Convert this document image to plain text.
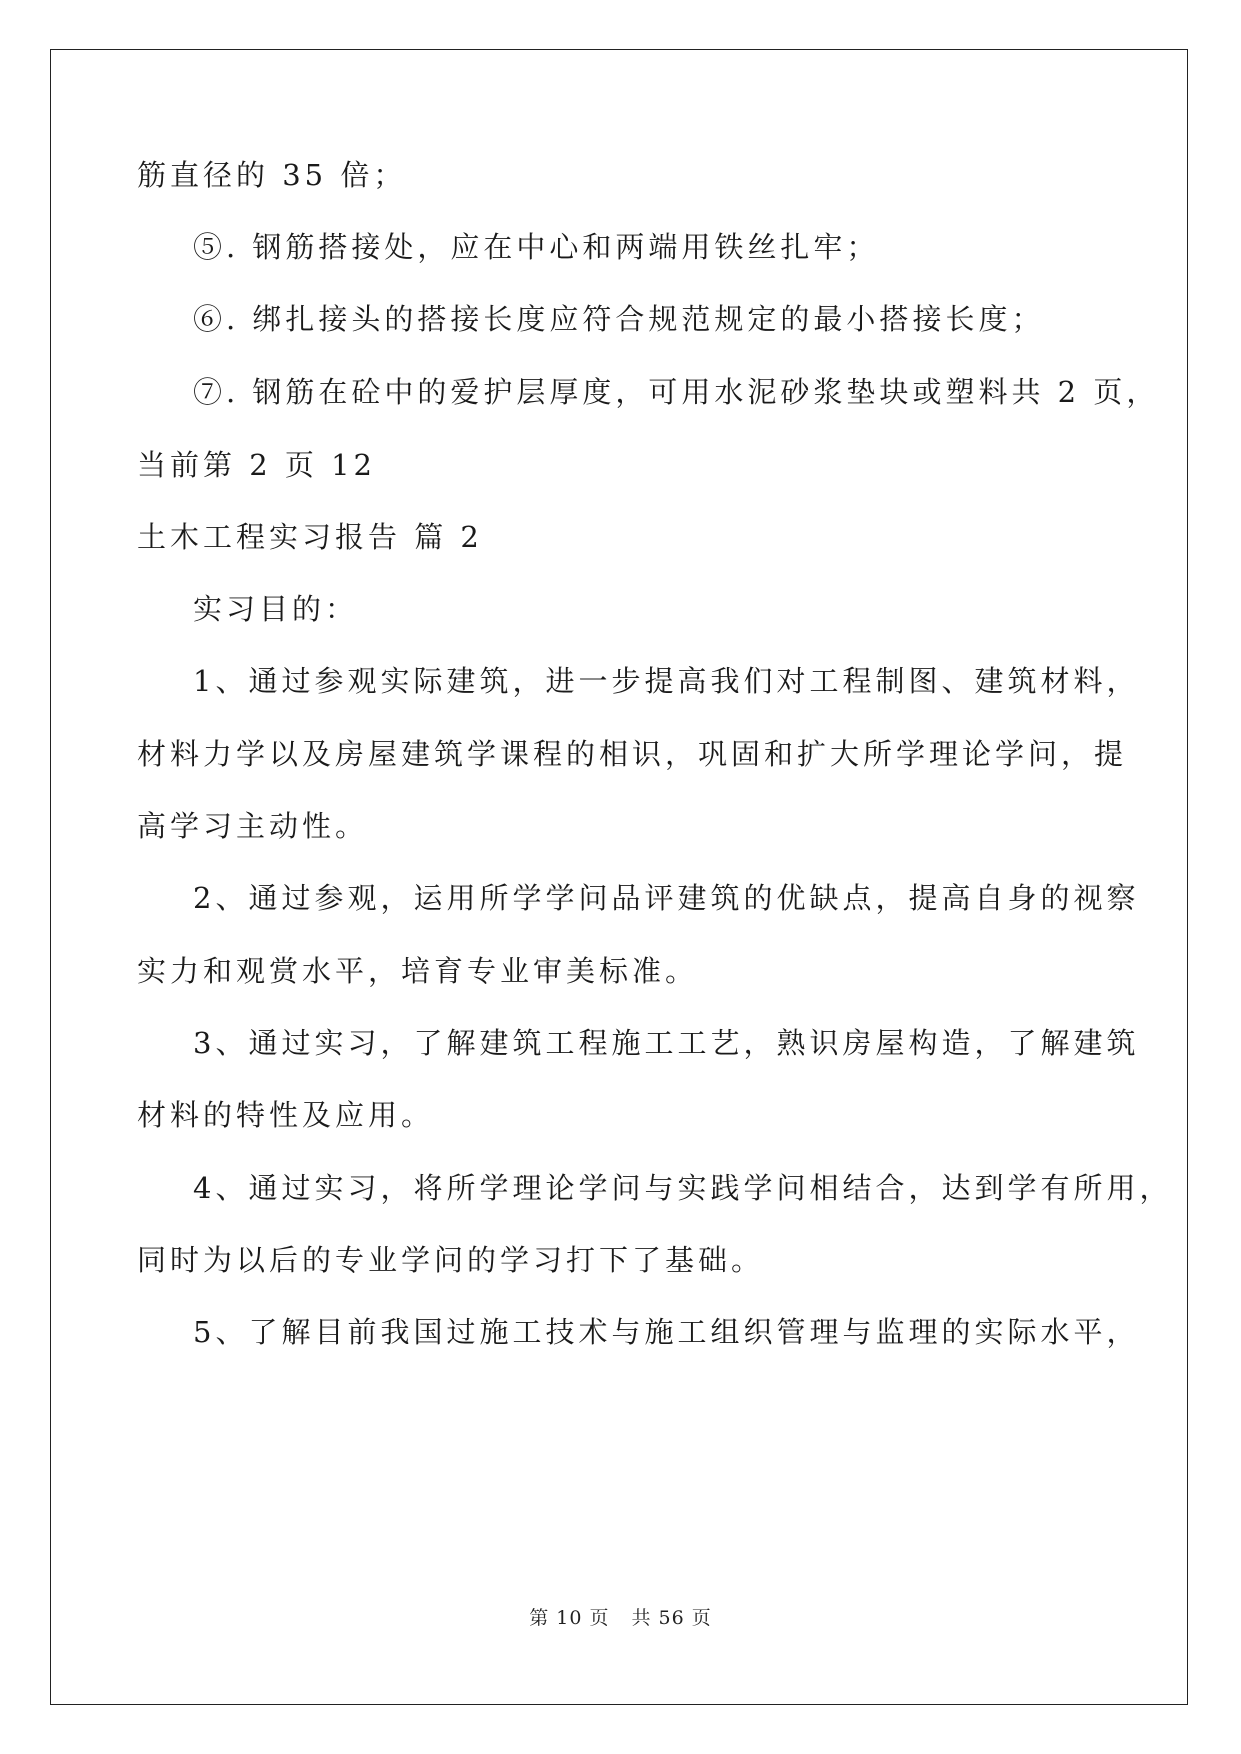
筋直径的 35 倍；
⑤. 钢筋搭接处，应在中心和两端用铁丝扎牢；
⑥. 绑扎接头的搭接长度应符合规范规定的最小搭接长度；
⑦. 钢筋在砼中的爱护层厚度，可用水泥砂浆垫块或塑料共 2 页，
当前第 2 页 12
土木工程实习报告 篇 2
实习目的：
1、通过参观实际建筑，进一步提高我们对工程制图、建筑材料，
材料力学以及房屋建筑学课程的相识，巩固和扩大所学理论学问，提
高学习主动性。
2、通过参观，运用所学学问品评建筑的优缺点，提高自身的视察
实力和观赏水平，培育专业审美标准。
3、通过实习，了解建筑工程施工工艺，熟识房屋构造，了解建筑
材料的特性及应用。
4、通过实习，将所学理论学问与实践学问相结合，达到学有所用，
同时为以后的专业学问的学习打下了基础。
5、了解目前我国过施工技术与施工组织管理与监理的实际水平，
第 10 页 共 56 页
